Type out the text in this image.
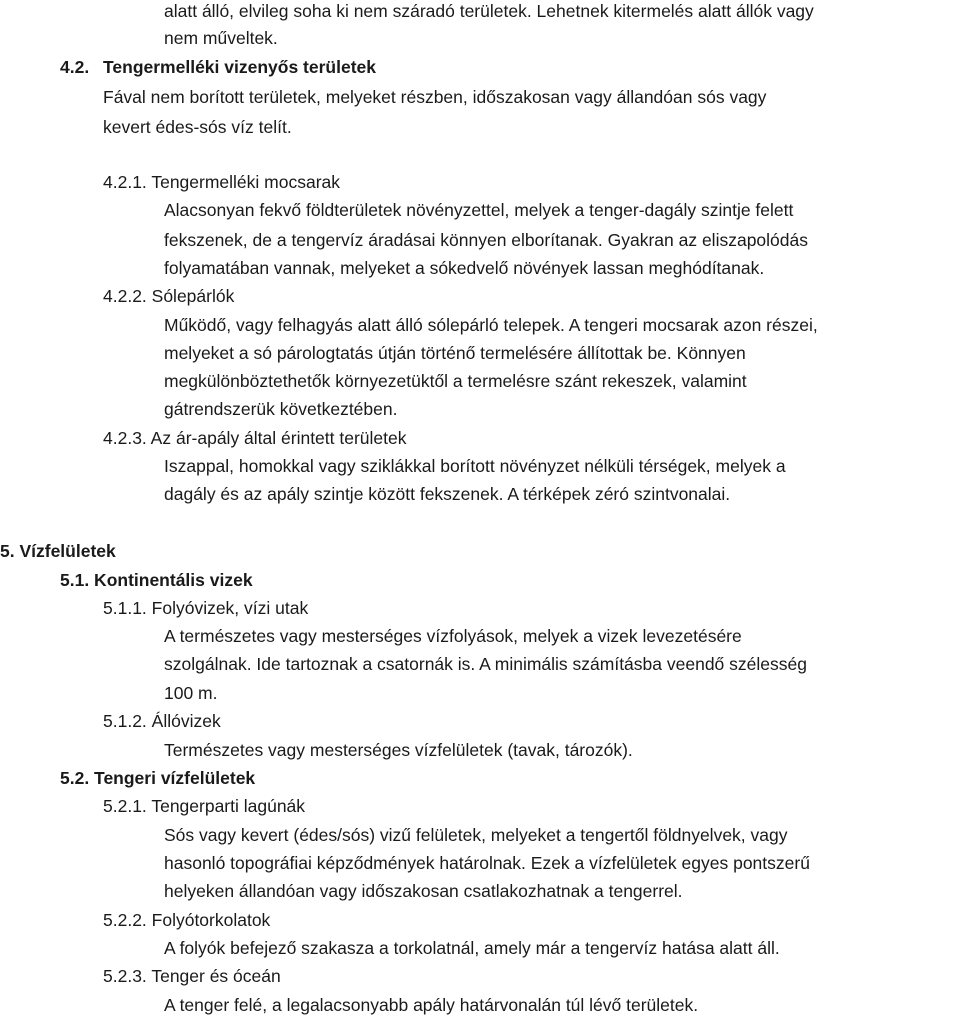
alatt álló, elvileg soha ki nem száradó területek. Lehetnek kitermelés alatt állók vagy
nem műveltek.
4.2. Tengermelléki vizenyős területek
Fával nem borított területek, melyeket részben, időszakosan vagy állandóan sós vagy
kevert édes-sós víz telít.
4.2.1. Tengermelléki mocsarak
Alacsonyan fekvő földterületek növényzettel, melyek a tenger-dagály szintje felett
fekszenek, de a tengervíz áradásai könnyen elborítanak. Gyakran az eliszapolódás
folyamatában vannak, melyeket a sókedvelő növények lassan meghódítanak.
4.2.2. Sólepárlók
Működő, vagy felhagyás alatt álló sólepárló telepek. A tengeri mocsarak azon részei,
melyeket a só párologtatás útján történő termelésére állítottak be. Könnyen
megkülönböztethetők környezetüktől a termelésre szánt rekeszek, valamint
gátrendszerük következtében.
4.2.3. Az ár-apály által érintett területek
Iszappal, homokkal vagy sziklákkal borított növényzet nélküli térségek, melyek a
dagály és az apály szintje között fekszenek. A térképek zéró szintvonalai.
5. Vízfelületek
5.1. Kontinentális vizek
5.1.1. Folyóvizek, vízi utak
A természetes vagy mesterséges vízfolyások, melyek a vizek levezetésére
szolgálnak. Ide tartoznak a csatornák is. A minimális számításba veendő szélesség
100 m.
5.1.2. Állóvizek
Természetes vagy mesterséges vízfelületek (tavak, tározók).
5.2. Tengeri vízfelületek
5.2.1. Tengerparti lagúnák
Sós vagy kevert (édes/sós) vizű felületek, melyeket a tengertől földnyelvek, vagy
hasonló topográfiai képződmények határolnak. Ezek a vízfelületek egyes pontszerű
helyeken állandóan vagy időszakosan csatlakozhatnak a tengerrel.
5.2.2. Folyótorkolatok
A folyók befejező szakasza a torkolatnál, amely már a tengervíz hatása alatt áll.
5.2.3. Tenger és óceán
A tenger felé, a legalacsonyabb apály határvonalán túl lévő területek.
